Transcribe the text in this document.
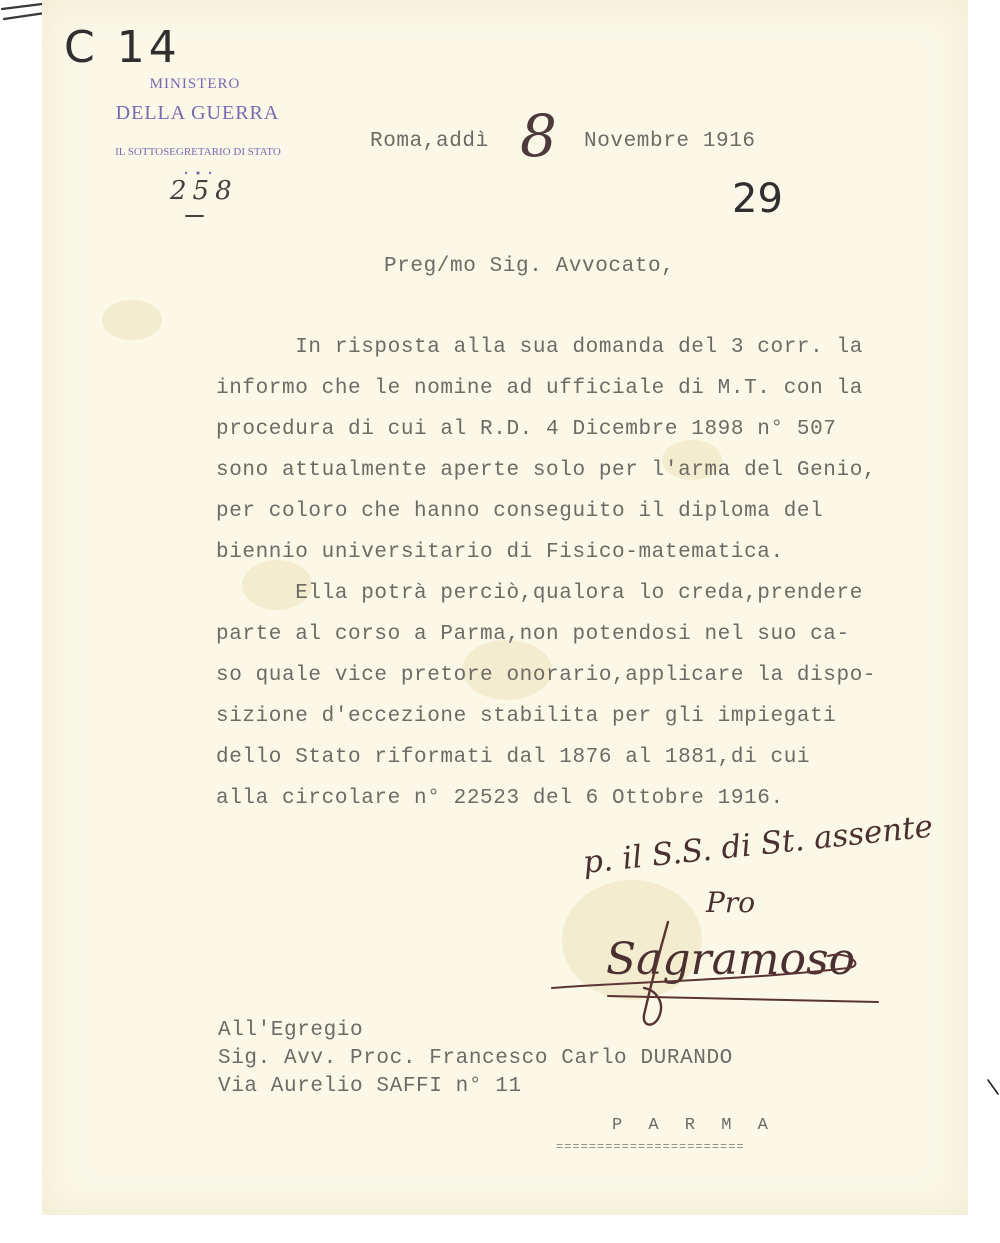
C 14
MINISTERO
DELLA GUERRA
IL SOTTOSEGRETARIO DI STATO
258
Roma,addì 8 Novembre 1916
29
Preg/mo Sig. Avvocato,
In risposta alla sua domanda del 3 corr. la
informo che le nomine ad ufficiale di M.T. con la
procedura di cui al R.D. 4 Dicembre 1898 n° 507
sono attualmente aperte solo per l'arma del Genio,
per coloro che hanno conseguito il diploma del
biennio universitario di Fisico-matematica.
Ella potrà perciò,qualora lo creda,prendere
parte al corso a Parma,non potendosi nel suo ca-
so quale vice pretore onorario,applicare la dispo-
sizione d'eccezione stabilita per gli impiegati
dello Stato riformati dal 1876 al 1881,di cui
alla circolare n° 22523 del 6 Ottobre 1916.
p. il S.S. di St. assente
Pro
Sagramoso
All'Egregio
Sig. Avv. Proc. Francesco Carlo DURANDO
Via Aurelio SAFFI n° 11
P A R M A
=======================
